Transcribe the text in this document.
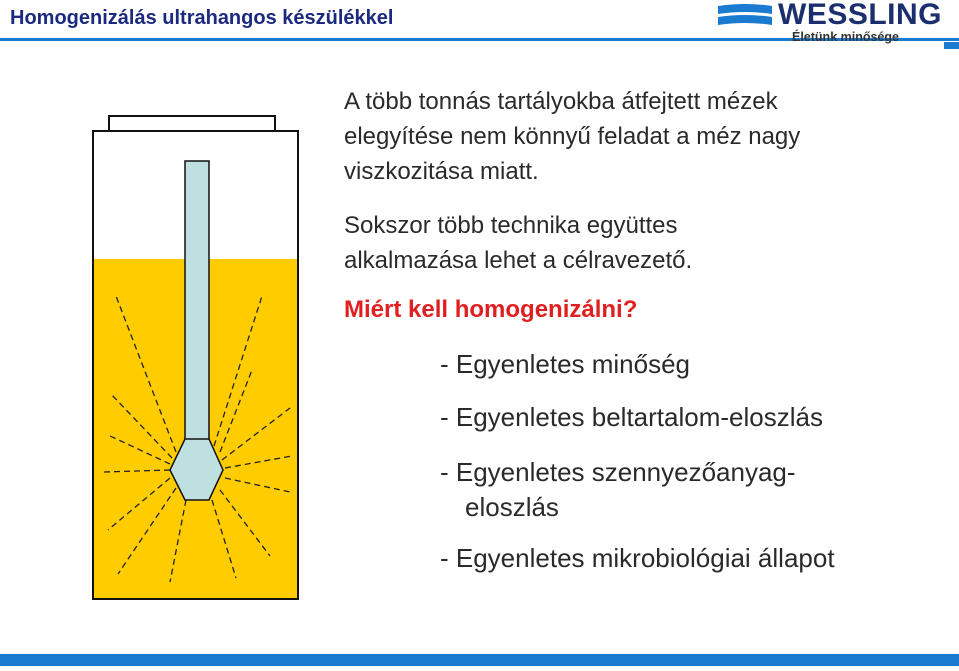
Homogenizálás ultrahangos készülékkel	WESSLING
Életünk minősége
A több tonnás tartályokba átfejtett mézek
elegyítése nem könnyű feladat a méz nagy
viszkozitása miatt.
Sokszor több technika együttes
alkalmazása lehet a célravezető.
Miért kell homogenizálni?
- Egyenletes minőség
- Egyenletes beltartalom-eloszlás
- Egyenletes szennyezőanyag-
eloszlás
- Egyenletes mikrobiológiai állapot
